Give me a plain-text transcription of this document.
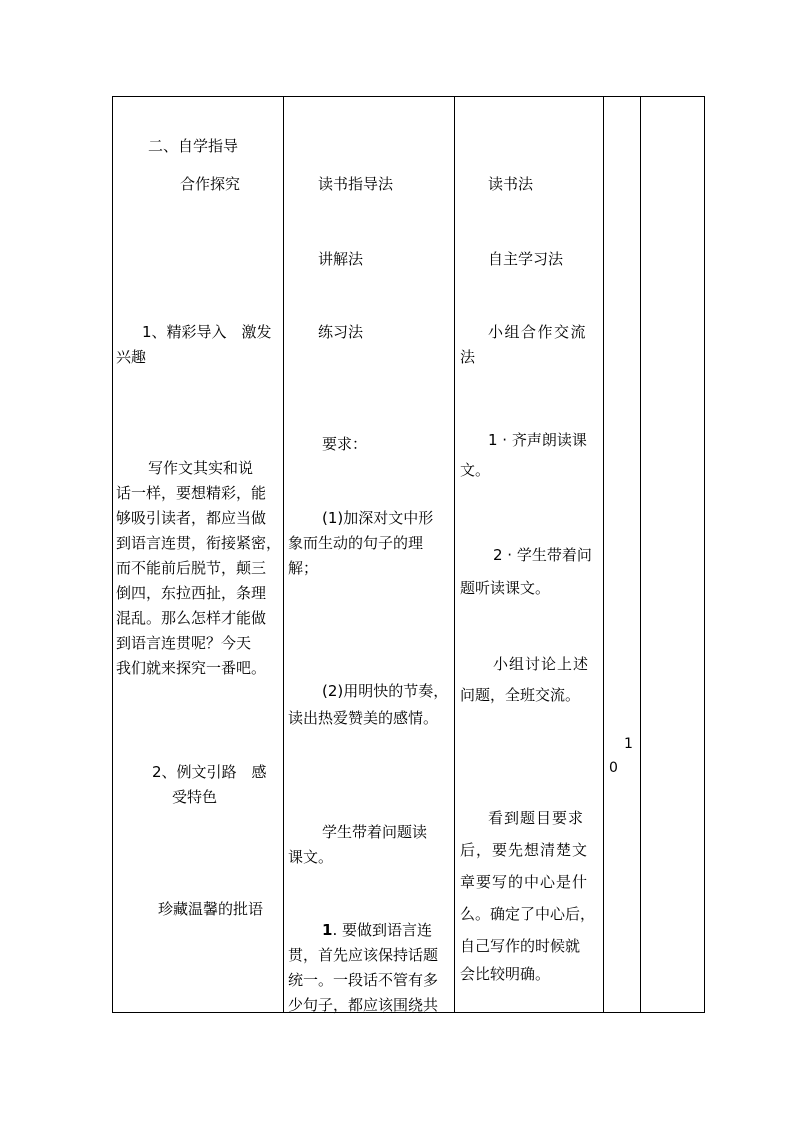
二、自学指导
合作探究
1、精彩导入　激发
兴趣
写作文其实和说
话一样，要想精彩，能
够吸引读者，都应当做
到语言连贯，衔接紧密，
而不能前后脱节，颠三
倒四，东拉西扯，条理
混乱。那么怎样才能做
到语言连贯呢？今天
我们就来探究一番吧。
2、例文引路　感
受特色
珍藏温馨的批语
读书指导法
讲解法
练习法
要求：
(1)加深对文中形
象而生动的句子的理
解；
(2)用明快的节奏，
读出热爱赞美的感情。
学生带着问题读
课文。
1. 要做到语言连
贯，首先应该保持话题
统一。一段话不管有多
少句子，都应该围绕共
读书法
自主学习法
小组合作交流
法
1 · 齐声朗读课
文。
2 · 学生带着问
题听读课文。
小组讨论上述
问题，全班交流。
看到题目要求
后，要先想清楚文
章要写的中心是什
么。确定了中心后，
自己写作的时候就
会比较明确。
1
0
